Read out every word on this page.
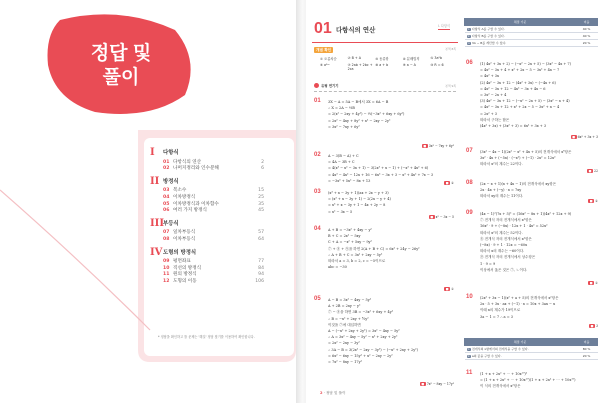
정답 및
풀이
I	다항식
01 다항식의 연산	2
02 나머지정리와 인수분해	6
II 방정식
03 복소수	15
04 이차방정식	25
05 이차방정식과 이차함수	35
06 여러 가지 방정식	45
III
부등식
07 일차부등식	57
08 이차부등식	64
IV 도형의 방정식
09 평면좌표	77
10 직선의 방정식	84
11 원의 방정식	94
12 도형의 이동	106
* 정답을 확인하고 틀 문제는 '해설' 정답 찾기를 이용하여 확인합니다.
01 다항식의 연산	I. 다항식
개념 확인	본책 8쪽
① 오름차순	② B + A	③ 동류항	④ 분배법칙	⑤ 3a²b
⑥ a²ᵐ	⑦ 2ab + 2bc + 2ca
⑧ a + b	⑨ a − A	⑩ R = 6
유형 연기기	본책 9쪽
01 3X − A = 5A − B에서 3X = 6A − B
∴ X = 2A − ⅓B
= 2(x² − 2xy + 4y²) − ⅓(−3x² + 6xy + 6y²)
= 2x² − 4xy + 8y² + x² − 2xy − 2y²
= 3x² − 7xy + 6y²
■ 3x² − 7xy + 6y²
02 A − 3(B − A) + C
= 4A − 3B + C
= 4(x³ − x² − 3x + 1) − 3(2x³ + x − 1) + (−x³ + 4x² + 6)
= 4x³ − 4x² − 12x + 16 − 6x³ − 3x + 3 − x³ + 4x² + 7x − 3
= −3x³ + 5x² − 8x + 13	■ ②
03 (x³ + x − 3y + 1)(ax + 2x − y + 3)
= (x³ + x − 3y + 1) − 2(2x − y + 4)
= x³ + x − 3y + 1 − 4x + 2y − 8
= x² − 3x − 5
■ x² − 3x − 5
04 A + B = −3x² + 4xy − y²
B + C = 2x² − 5xy
C + A = −x² + 5xy − 9y²
⑦ + ⑧ + ⑨을 하면 2(A + B + C) = 6x² + 24y − 26y²
∴ A + B + C = 3x² + 2xy − 5y²
따라서 a = 3, b = 2, c = −5이므로
abc = −30
■ ①
05 A − B = 3x² − 4xy − 5y²
A + 2B = 2xy − y²
⑦ − ⑧을 하면 3B = −3x² + 6xy + 4y²
∴ B = −x² + 2xy + ⁴⁄₃y²
이것을 ⑦에 대입하면
A − (−x² + 2xy + 2y²) = 3x² − 4xy − 5y²
∴ A = 3x² − 4xy − 5y² − x² + 2xy + 2y²
= 2x² − 2xy − 3y²
∴ 3A − B = 3(2x² − 2xy − 3y²) − (−x² + 2xy + 2y²)
= 6x² − 6xy − 15y² + x² − 2xy − 2y²
= 7x² − 8xy − 17y²
■ 7x² − 8xy − 17y²
2 · 정답 및 풀이
채점 기준	비율
① 다항식 A를 구할 수 있다.	40 %
② 다항식 B를 구할 수 있다.	40 %
③ 3A − B를 계산할 수 있다.	20 %
06 (1) 4x² + 3x + 2) − (−x² − 2x + 5) − (3x² − 4x + 7)
= 4x² − 3x + 4 + x² + 2x − 5 − 3x² + 4x − 7
= 4x² + 3x
(2) 4x² − 3x + 12 − (4x² + 3x) − (−4x + 6)
= 4x² − 3x + 12 − 4x² − 3x + 4x − 6
= 3x² − 2x + 4
(3) 4x² − 3x + 12 − (−x² − 2x + 5) − (3x² − x + 4)
= 4x² − 3x + 12 + x² + 2x − 5 − 3x² + x − 4
= 2x² + 3
따라서 구하는 합은
(4x² + 3x) + (3x² + 3) = 6x² + 3x + 3
■ 6x² + 3x + 3
07 (3x² − 4x − 1)(2x² − x² + 4x + 5)의 전개식에서 x⁴항은
3x² · 4x + (−5x) · (−x²) + (−1) · 2x² = 12x²
따라서 x²의 계수는 22이다.
■ 22
08 (2x − x + 1)(x + 4x − 1)의 전개식에서 xy항은
2x · 4x + (−y) · x = 7xy
따라서 xy의 계수는 11이다.
■ ②
09 (4x − 1)²(7x + 5)² = (16x² − 8x + 1)(4x² + 12x + 9)
⑦ 전개식 자의 전개식에서 x²항은
16x² · 9 + (−8x) · 12x + 1 · 4x² = 52x²
따라서 x²의 계수는 52이다.
⑧ 전개식 자의 전개식에서 x²항은
(−8x) · 9 + 1 · 12x = −60x
따라서 x의 계수는 −60이다.
⑨ 전개식 자의 전개식에서 상수항은
1 · 9 = 9
이상에서 옳은 것은 ⑦, ㄴ이다.
■ ①
10 (2x² + 3x − 1)(x² + a + 5)의 전개식에서 x²항은
2x · 5 + 3x · ax + (−1) · x = 10x + 3ax − x
이때 x의 계수가 19이므로
3a − 1 = 7 ∴ a = 3
■ 3
11 (1 + x + 2x² + ··· + 10x¹⁰)²
= (1 + x + 2x² + ··· + 10x¹⁰)(1 + x + 2x² + ··· + 10x¹⁰)
이 식의 전개식에서 x²항은
채점 기준	비율
① 전개식의 x항에서의 전개식을 구할 수 있다.	80 %
② a의 값을 구할 수 있다.	20 %
